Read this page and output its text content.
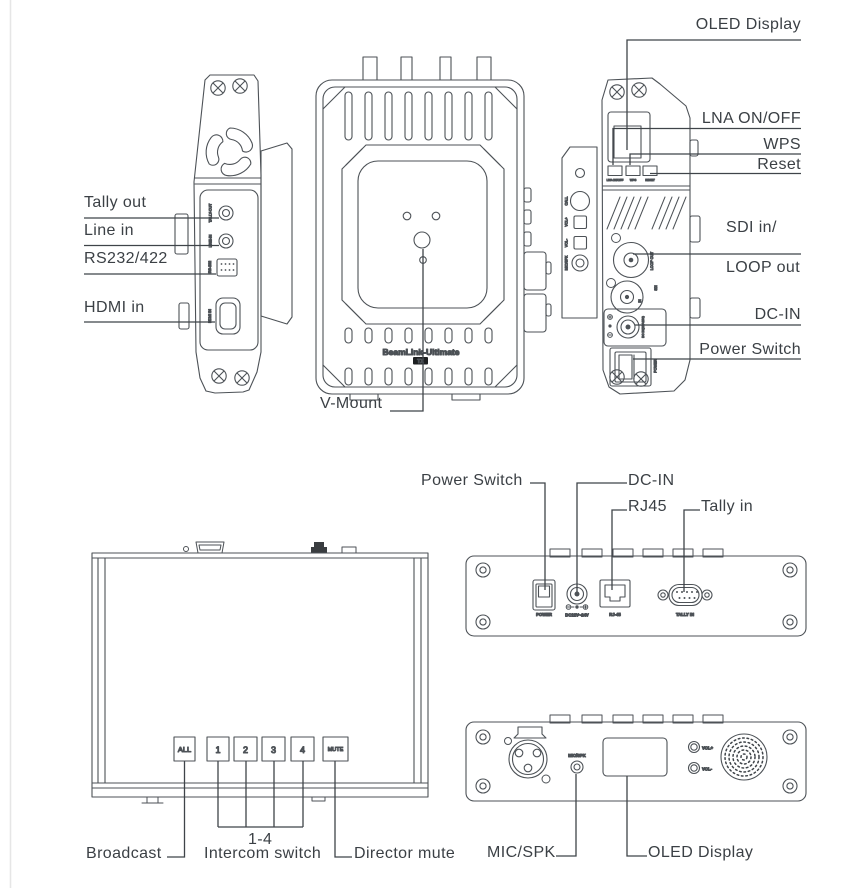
TALLY-OUT
LINE-IN
RS-232
HDMI IN
BeamLink-Ultimate
TX
CALL
VOL+
VOL-
MIC/SPK
LNA ON/OFF WPS	RESET
LOOP OUT
SDI
IN
DC IN(10V-28V)
POWER
ALL	1 2	3	4	MUTE
POWER	DC12V~24V	RJ-45	TALLY IN
MIC/SPK
VOL+
VOL-
Tally out
Line in
RS232/422
HDMI in
OLED Display
LNA ON/OFF
WPS
Reset
SDI in/
LOOP out
DC-IN
Power Switch
V-Mount
Power Switch	DC-IN
RJ45 Tally in
Broadcast
1-4
Intercom switch Director mute MIC/SPK	OLED Display
